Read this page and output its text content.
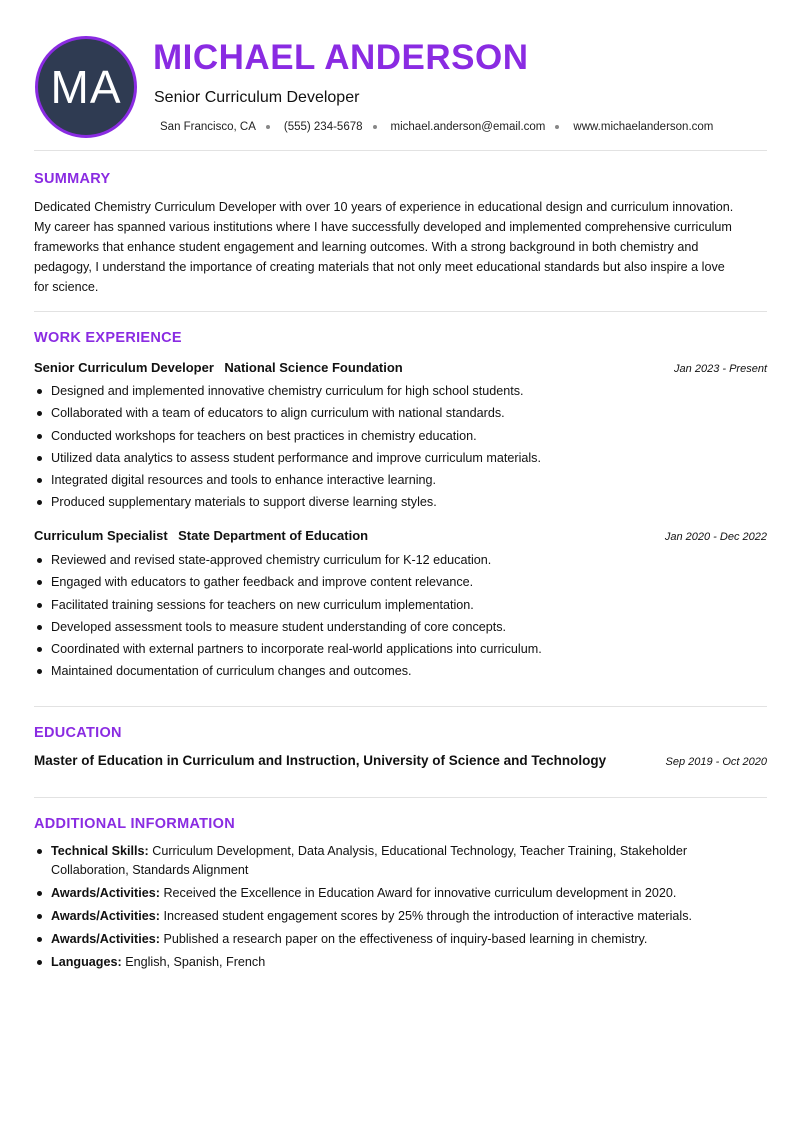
MA
MICHAEL ANDERSON
Senior Curriculum Developer
San Francisco, CA (555) 234-5678 michael.anderson@email.com www.michaelanderson.com
SUMMARY
Dedicated Chemistry Curriculum Developer with over 10 years of experience in educational design and curriculum innovation. My career has spanned various institutions where I have successfully developed and implemented comprehensive curriculum frameworks that enhance student engagement and learning outcomes. With a strong background in both chemistry and pedagogy, I understand the importance of creating materials that not only meet educational standards but also inspire a love for science.
WORK EXPERIENCE
Senior Curriculum Developer National Science Foundation	Jan 2023 - Present
Designed and implemented innovative chemistry curriculum for high school students.
Collaborated with a team of educators to align curriculum with national standards.
Conducted workshops for teachers on best practices in chemistry education.
Utilized data analytics to assess student performance and improve curriculum materials.
Integrated digital resources and tools to enhance interactive learning.
Produced supplementary materials to support diverse learning styles.
Curriculum Specialist State Department of Education	Jan 2020 - Dec 2022
Reviewed and revised state-approved chemistry curriculum for K-12 education.
Engaged with educators to gather feedback and improve content relevance.
Facilitated training sessions for teachers on new curriculum implementation.
Developed assessment tools to measure student understanding of core concepts.
Coordinated with external partners to incorporate real-world applications into curriculum.
Maintained documentation of curriculum changes and outcomes.
EDUCATION
Master of Education in Curriculum and Instruction, University of Science and Technology	Sep 2019 - Oct 2020
ADDITIONAL INFORMATION
Technical Skills: Curriculum Development, Data Analysis, Educational Technology, Teacher Training, Stakeholder Collaboration, Standards Alignment
Awards/Activities: Received the Excellence in Education Award for innovative curriculum development in 2020.
Awards/Activities: Increased student engagement scores by 25% through the introduction of interactive materials.
Awards/Activities: Published a research paper on the effectiveness of inquiry-based learning in chemistry.
Languages: English, Spanish, French
